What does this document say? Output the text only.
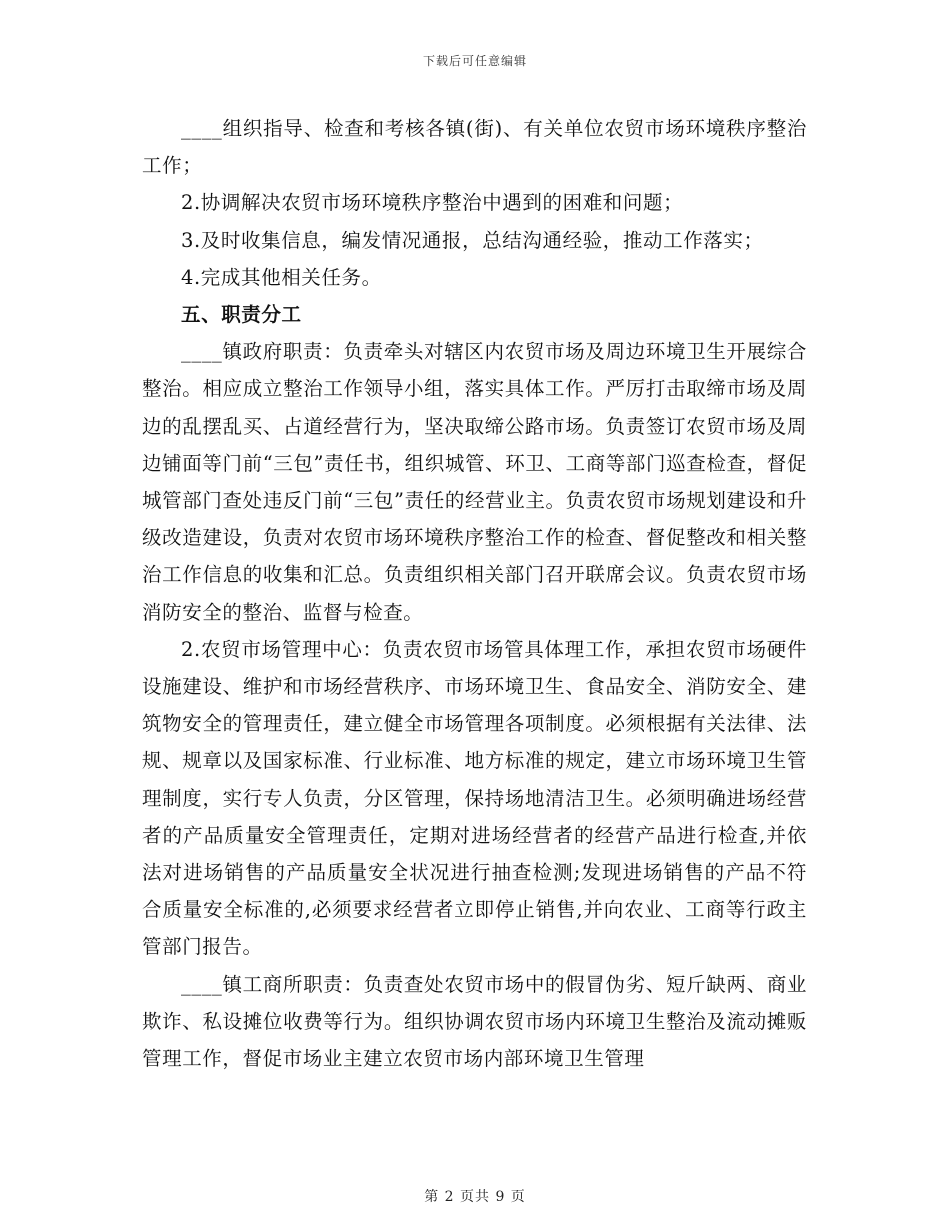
下载后可任意编辑

____组织指导、检查和考核各镇(街)、有关单位农贸市场环境秩序整治工作；

2.协调解决农贸市场环境秩序整治中遇到的困难和问题；

3.及时收集信息，编发情况通报，总结沟通经验，推动工作落实；

4.完成其他相关任务。

五、职责分工

____镇政府职责：负责牵头对辖区内农贸市场及周边环境卫生开展综合整治。相应成立整治工作领导小组，落实具体工作。严厉打击取缔市场及周边的乱摆乱买、占道经营行为，坚决取缔公路市场。负责签订农贸市场及周边铺面等门前“三包”责任书，组织城管、环卫、工商等部门巡查检查，督促城管部门查处违反门前“三包”责任的经营业主。负责农贸市场规划建设和升级改造建设，负责对农贸市场环境秩序整治工作的检查、督促整改和相关整治工作信息的收集和汇总。负责组织相关部门召开联席会议。负责农贸市场消防安全的整治、监督与检查。

2.农贸市场管理中心：负责农贸市场管具体理工作，承担农贸市场硬件设施建设、维护和市场经营秩序、市场环境卫生、食品安全、消防安全、建筑物安全的管理责任，建立健全市场管理各项制度。必须根据有关法律、法规、规章以及国家标准、行业标准、地方标准的规定，建立市场环境卫生管理制度，实行专人负责，分区管理，保持场地清洁卫生。必须明确进场经营者的产品质量安全管理责任，定期对进场经营者的经营产品进行检查,并依法对进场销售的产品质量安全状况进行抽查检测;发现进场销售的产品不符合质量安全标准的,必须要求经营者立即停止销售,并向农业、工商等行政主管部门报告。

____镇工商所职责：负责查处农贸市场中的假冒伪劣、短斤缺两、商业欺诈、私设摊位收费等行为。组织协调农贸市场内环境卫生整治及流动摊贩管理工作，督促市场业主建立农贸市场内部环境卫生管理

第 2 页共 9 页
